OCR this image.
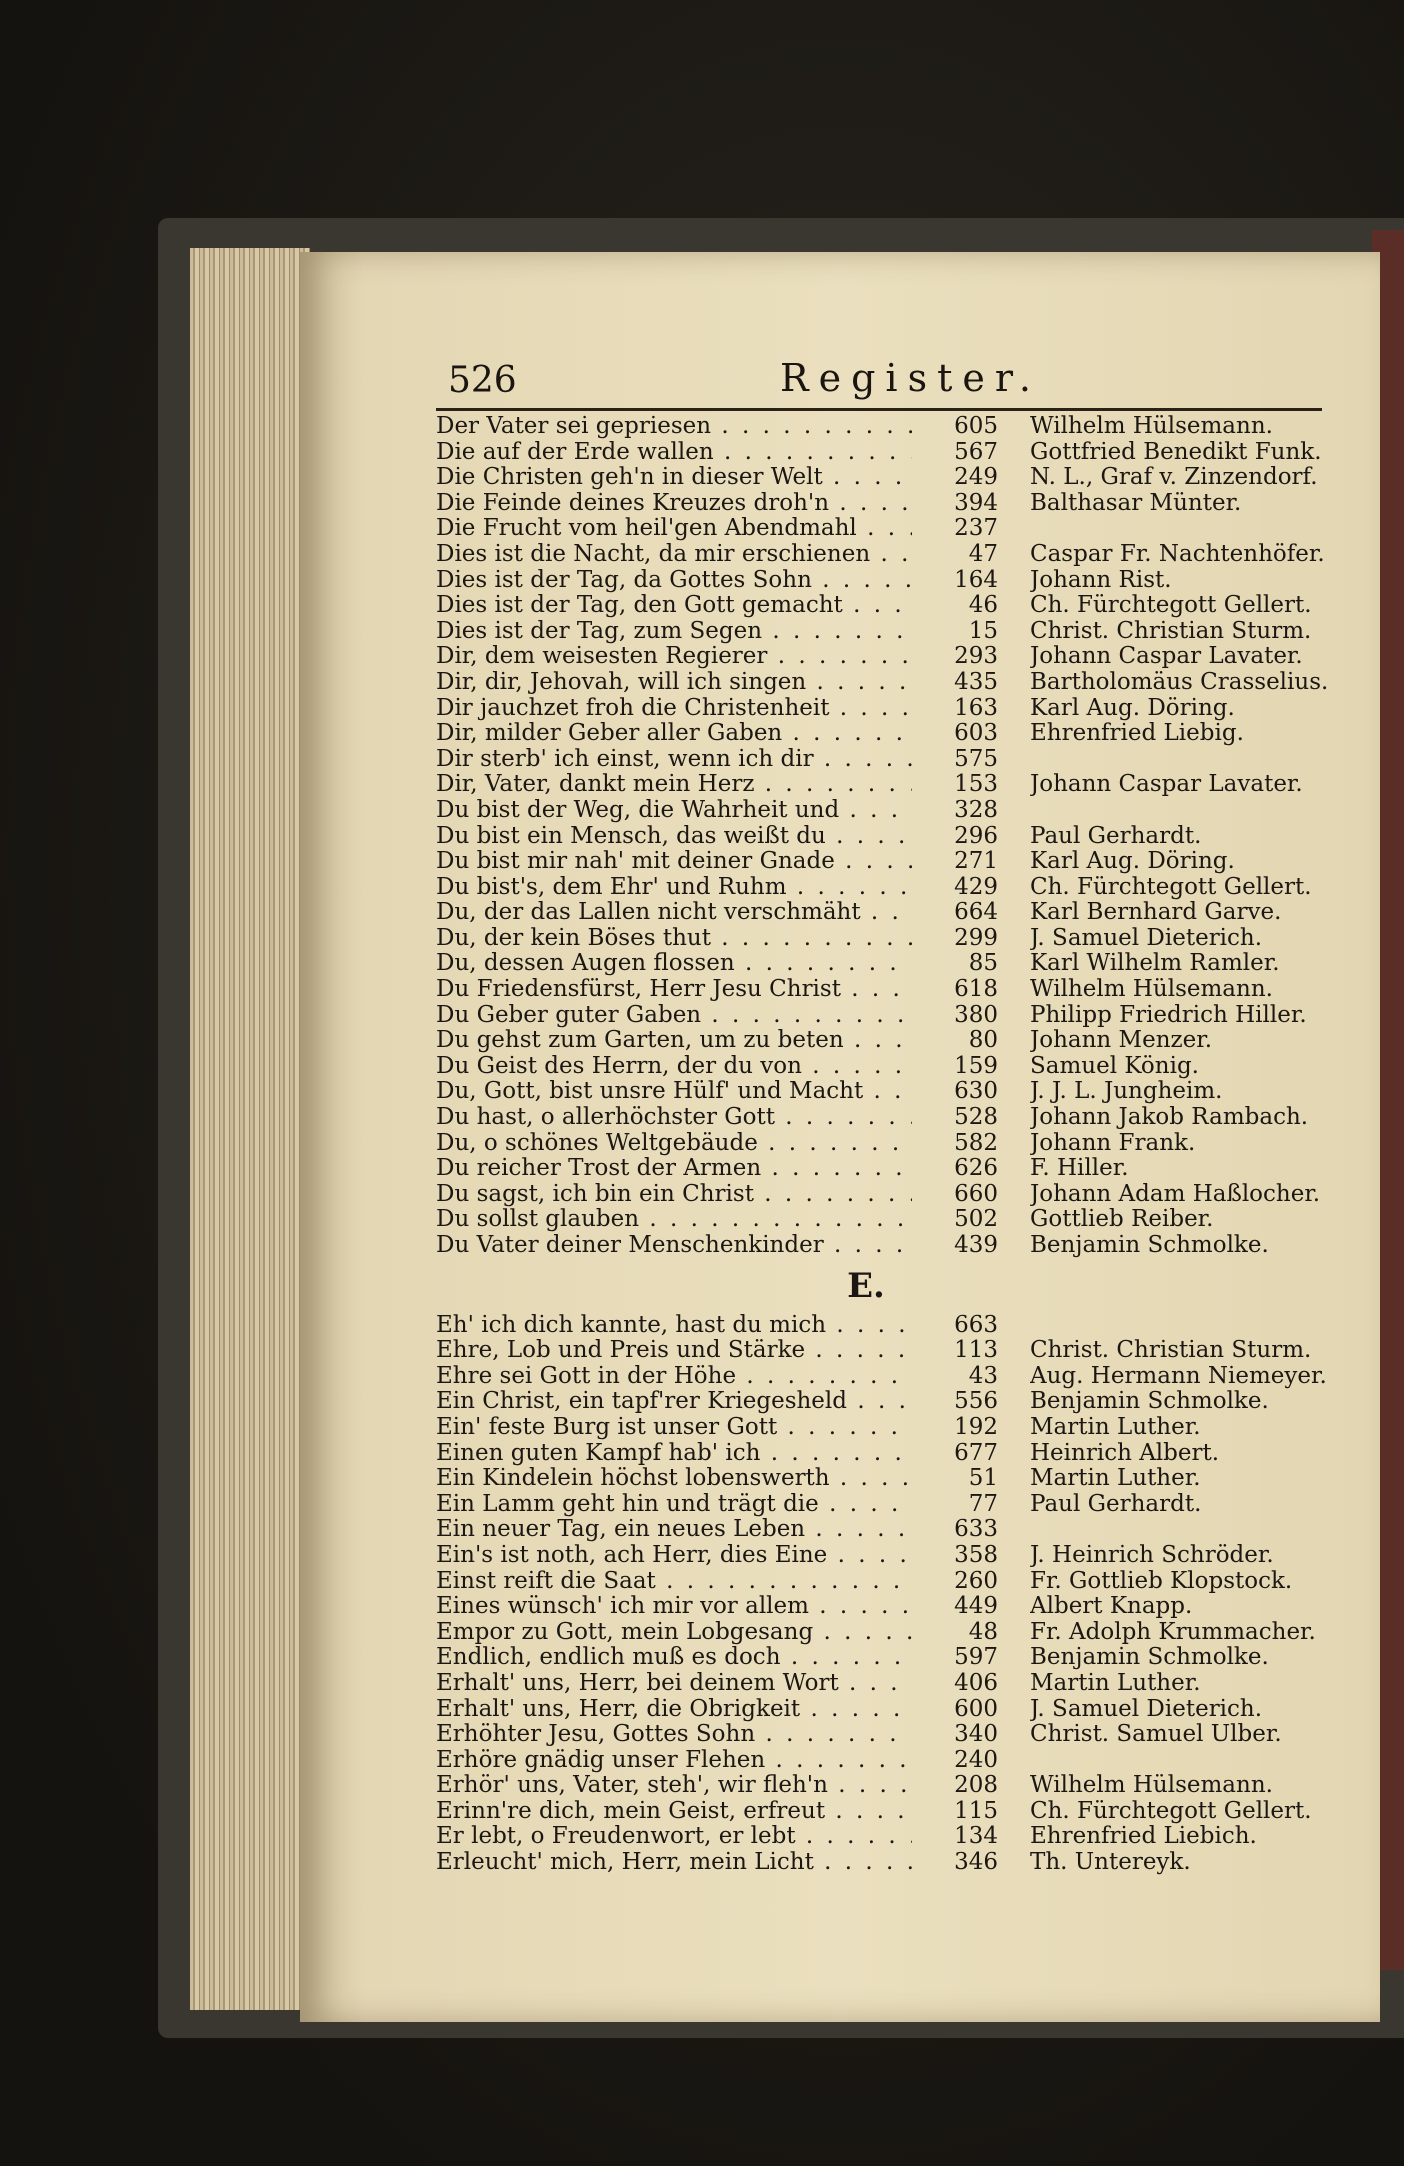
526	Register.
Der Vater sei gepriesen . . .	605 Wilhelm Hülsemann.
Die auf der Erde wallen . . .	567 Gottfried Benedikt Funk.
Die Christen geh'n in dieser Welt . . .	249 N. L., Graf v. Zinzendorf.
Die Feinde deines Kreuzes droh'n . . .	394 Balthasar Münter.
Die Frucht vom heil'gen Abendmahl . . .	237
Dies ist die Nacht, da mir erschienen . . .	47 Caspar Fr. Nachtenhöfer.
Dies ist der Tag, da Gottes Sohn . . .	164 Johann Rist.
Dies ist der Tag, den Gott gemacht . . .	46 Ch. Fürchtegott Gellert.
Dies ist der Tag, zum Segen . . .	15 Christ. Christian Sturm.
Dir, dem weisesten Regierer . . .	293 Johann Caspar Lavater.
Dir, dir, Jehovah, will ich singen . . .	435 Bartholomäus Crasselius.
Dir jauchzet froh die Christenheit . . .	163 Karl Aug. Döring.
Dir, milder Geber aller Gaben . . .	603 Ehrenfried Liebig.
Dir sterb' ich einst, wenn ich dir . . .	575
Dir, Vater, dankt mein Herz . . .	153 Johann Caspar Lavater.
Du bist der Weg, die Wahrheit und . . .	328
Du bist ein Mensch, das weißt du . . .	296 Paul Gerhardt.
Du bist mir nah' mit deiner Gnade . . .	271 Karl Aug. Döring.
Du bist's, dem Ehr' und Ruhm . . .	429 Ch. Fürchtegott Gellert.
Du, der das Lallen nicht verschmäht . . .	664 Karl Bernhard Garve.
Du, der kein Böses thut . . .	299 J. Samuel Dieterich.
Du, dessen Augen flossen . . .	85 Karl Wilhelm Ramler.
Du Friedensfürst, Herr Jesu Christ . . .	618 Wilhelm Hülsemann.
Du Geber guter Gaben . . .	380 Philipp Friedrich Hiller.
Du gehst zum Garten, um zu beten . . .	80 Johann Menzer.
Du Geist des Herrn, der du von . . .	159 Samuel König.
Du, Gott, bist unsre Hülf' und Macht . . .	630 J. J. L. Jungheim.
Du hast, o allerhöchster Gott . . .	528 Johann Jakob Rambach.
Du, o schönes Weltgebäude . . .	582 Johann Frank.
Du reicher Trost der Armen . . .	626 F. Hiller.
Du sagst, ich bin ein Christ . . .	660 Johann Adam Haßlocher.
Du sollst glauben . . .	502 Gottlieb Reiber.
Du Vater deiner Menschenkinder . . .	439 Benjamin Schmolke.
E.
Eh' ich dich kannte, hast du mich . . .	663
Ehre, Lob und Preis und Stärke . . .	113 Christ. Christian Sturm.
Ehre sei Gott in der Höhe . . .	43 Aug. Hermann Niemeyer.
Ein Christ, ein tapf'rer Kriegesheld . . .	556 Benjamin Schmolke.
Ein' feste Burg ist unser Gott . . .	192 Martin Luther.
Einen guten Kampf hab' ich . . .	677 Heinrich Albert.
Ein Kindelein höchst lobenswerth . . .	51 Martin Luther.
Ein Lamm geht hin und trägt die . . .	77 Paul Gerhardt.
Ein neuer Tag, ein neues Leben . . .	633
Ein's ist noth, ach Herr, dies Eine . . .	358 J. Heinrich Schröder.
Einst reift die Saat . . .	260 Fr. Gottlieb Klopstock.
Eines wünsch' ich mir vor allem . . .	449 Albert Knapp.
Empor zu Gott, mein Lobgesang . . .	48 Fr. Adolph Krummacher.
Endlich, endlich muß es doch . . .	597 Benjamin Schmolke.
Erhalt' uns, Herr, bei deinem Wort . . .	406 Martin Luther.
Erhalt' uns, Herr, die Obrigkeit . . .	600 J. Samuel Dieterich.
Erhöhter Jesu, Gottes Sohn . . .	340 Christ. Samuel Ulber.
Erhöre gnädig unser Flehen . . .	240
Erhör' uns, Vater, steh', wir fleh'n . . .	208 Wilhelm Hülsemann.
Erinn're dich, mein Geist, erfreut . . .	115 Ch. Fürchtegott Gellert.
Er lebt, o Freudenwort, er lebt . . .	134 Ehrenfried Liebich.
Erleucht' mich, Herr, mein Licht . . .	346 Th. Untereyk.
